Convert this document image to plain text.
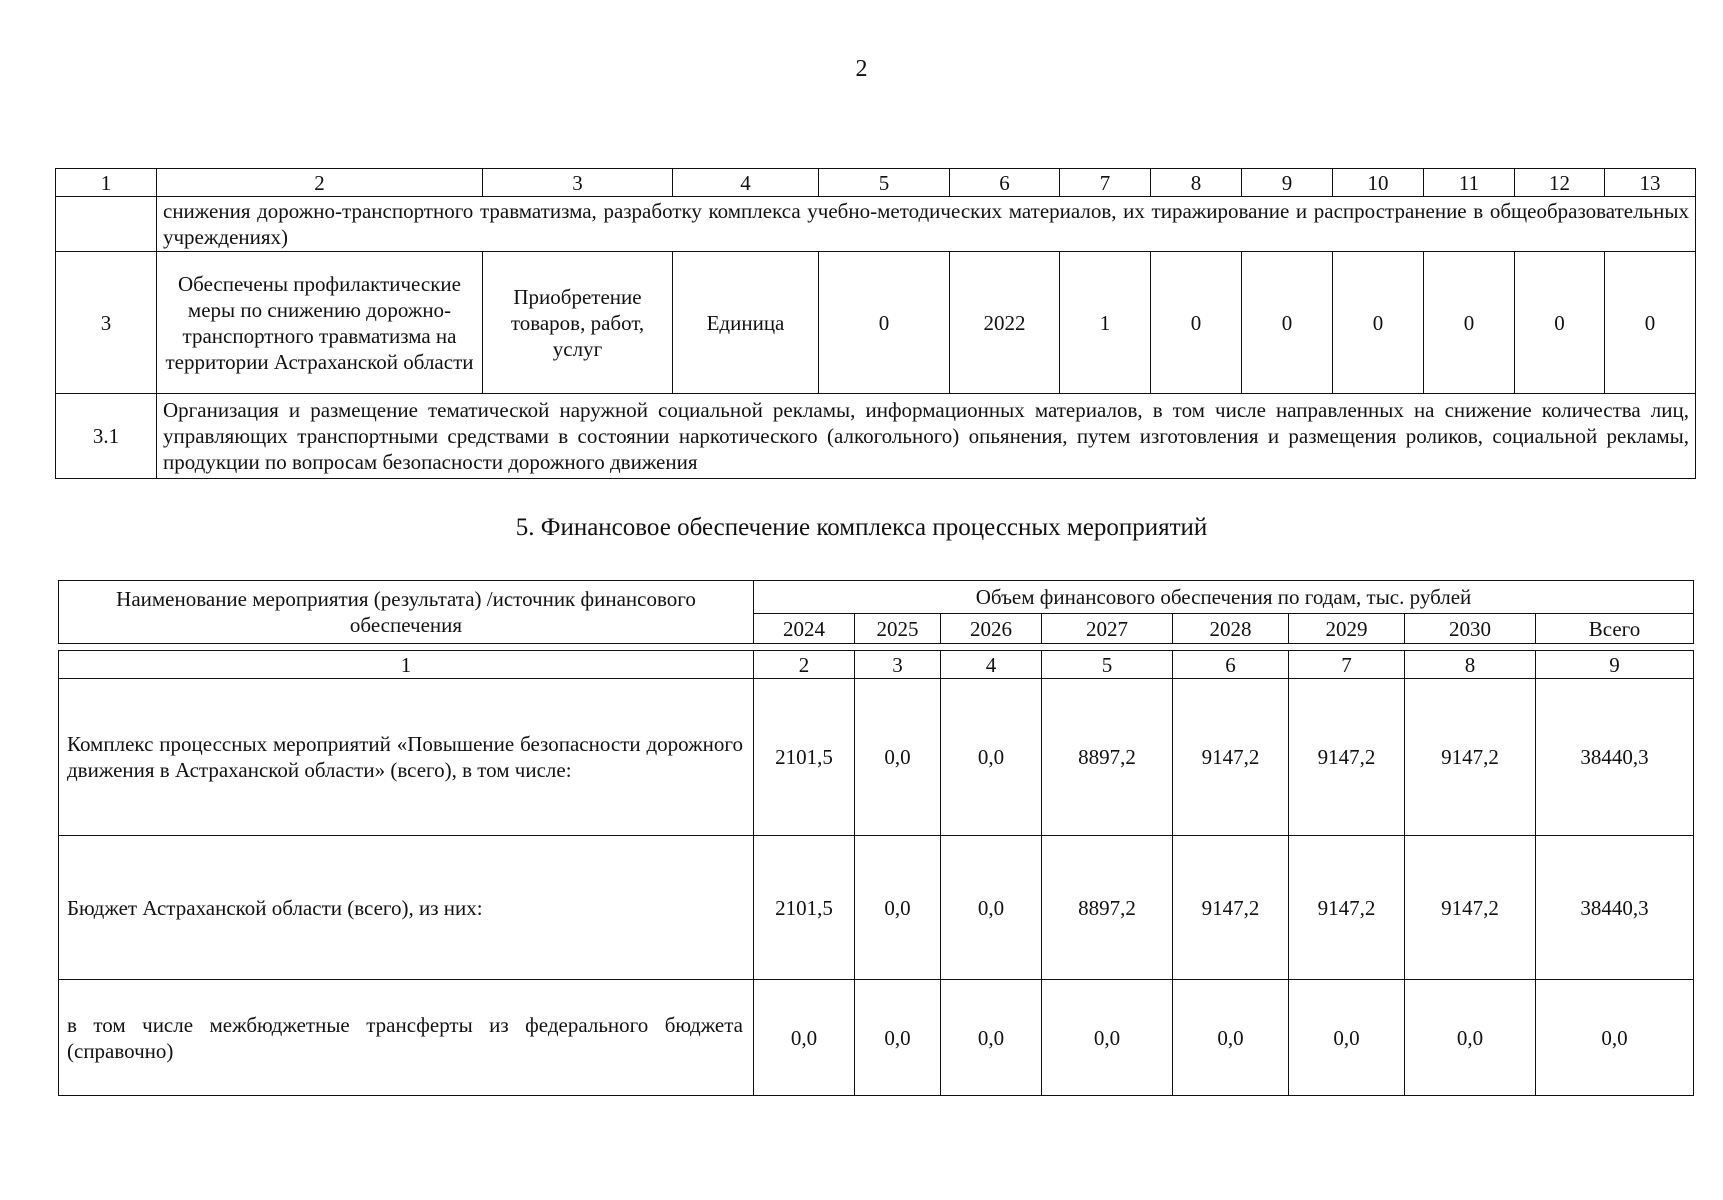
2
1	2	3	4	5	6	7	8	9	10	11	12	13
	снижения дорожно-транспортного травматизма, разработку комплекса учебно-методических материалов, их тиражирование и распространение в общеобразовательных учреждениях)											
3	Обеспечены профилактические меры по снижению дорожно-транспортного травматизма на территории Астраханской области	Приобретение товаров, работ, услуг	Единица	0	2022	1	0	0	0	0	0	0
3.1	Организация и размещение тематической наружной социальной рекламы, информационных материалов, в том числе направленных на снижение количества лиц, управляющих транспортными средствами в состоянии наркотического (алкогольного) опьянения, путем изготовления и размещения роликов, социальной рекламы, продукции по вопросам безопасности дорожного движения											
5. Финансовое обеспечение комплекса процессных мероприятий
Наименование мероприятия (результата) /источник финансового обеспечения	Объем финансового обеспечения по годам, тыс. рублей							
	2024	2025	2026	2027	2028	2029	2030	Всего
1	2	3	4	5	6	7	8	9
Комплекс процессных мероприятий «Повышение безопасности дорожного движения в Астраханской области» (всего), в том числе:	2101,5	0,0	0,0	8897,2	9147,2	9147,2	9147,2	38440,3
Бюджет Астраханской области (всего), из них:	2101,5	0,0	0,0	8897,2	9147,2	9147,2	9147,2	38440,3
в том числе межбюджетные трансферты из федерального бюджета (справочно)	0,0	0,0	0,0	0,0	0,0	0,0	0,0	0,0
